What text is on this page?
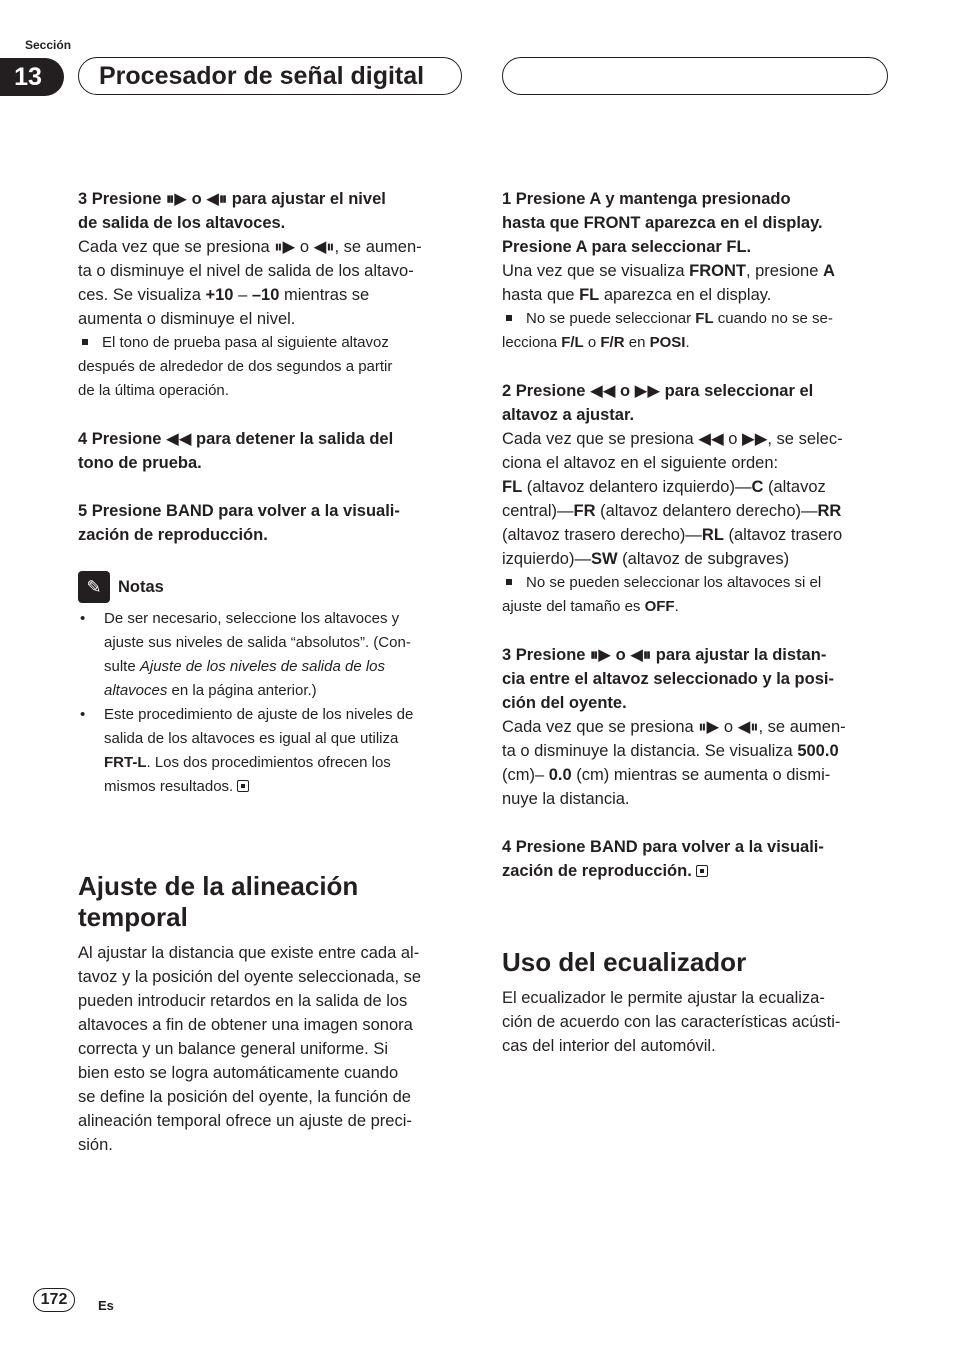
Sección
13	Procesador de señal digital

3 Presione ⏸▶ o ◀⏸ para ajustar el nivel
de salida de los altavoces.

Cada vez que se presiona ⏸▶ o ◀⏸, se aumen-
ta o disminuye el nivel de salida de los altavo-
ces. Se visualiza +10 – –10 mientras se
aumenta o disminuye el nivel.

El tono de prueba pasa al siguiente altavoz
después de alrededor de dos segundos a partir
de la última operación.

4 Presione ◀◀ para detener la salida del
tono de prueba.

5 Presione BAND para volver a la visuali-
zación de reproducción.

✎ Notas
• De ser necesario, seleccione los altavoces y
ajuste sus niveles de salida “absolutos”. (Con-
sulte Ajuste de los niveles de salida de los
altavoces en la página anterior.)
• Este procedimiento de ajuste de los niveles de
salida de los altavoces es igual al que utiliza
FRT-L. Los dos procedimientos ofrecen los
mismos resultados.
Ajuste de la alineación
temporal

Al ajustar la distancia que existe entre cada al-
tavoz y la posición del oyente seleccionada, se
pueden introducir retardos en la salida de los
altavoces a fin de obtener una imagen sonora
correcta y un balance general uniforme. Si
bien esto se logra automáticamente cuando
se define la posición del oyente, la función de
alineación temporal ofrece un ajuste de preci-
sión.

1 Presione A y mantenga presionado
hasta que FRONT aparezca en el display.
Presione A para seleccionar FL.

Una vez que se visualiza FRONT, presione A
hasta que FL aparezca en el display.

No se puede seleccionar FL cuando no se se-
lecciona F/L o F/R en POSI.

2 Presione ◀◀ o ▶▶ para seleccionar el
altavoz a ajustar.

Cada vez que se presiona ◀◀ o ▶▶, se selec-
ciona el altavoz en el siguiente orden:
FL (altavoz delantero izquierdo)—C (altavoz
central)—FR (altavoz delantero derecho)—RR
(altavoz trasero derecho)—RL (altavoz trasero
izquierdo)—SW (altavoz de subgraves)

No se pueden seleccionar los altavoces si el
ajuste del tamaño es OFF.

3 Presione ⏸▶ o ◀⏸ para ajustar la distan-
cia entre el altavoz seleccionado y la posi-
ción del oyente.

Cada vez que se presiona ⏸▶ o ◀⏸, se aumen-
ta o disminuye la distancia. Se visualiza 500.0
(cm)– 0.0 (cm) mientras se aumenta o dismi-
nuye la distancia.

4 Presione BAND para volver a la visuali-
zación de reproducción.

Uso del ecualizador

El ecualizador le permite ajustar la ecualiza-
ción de acuerdo con las características acústi-
cas del interior del automóvil.

172	Es
